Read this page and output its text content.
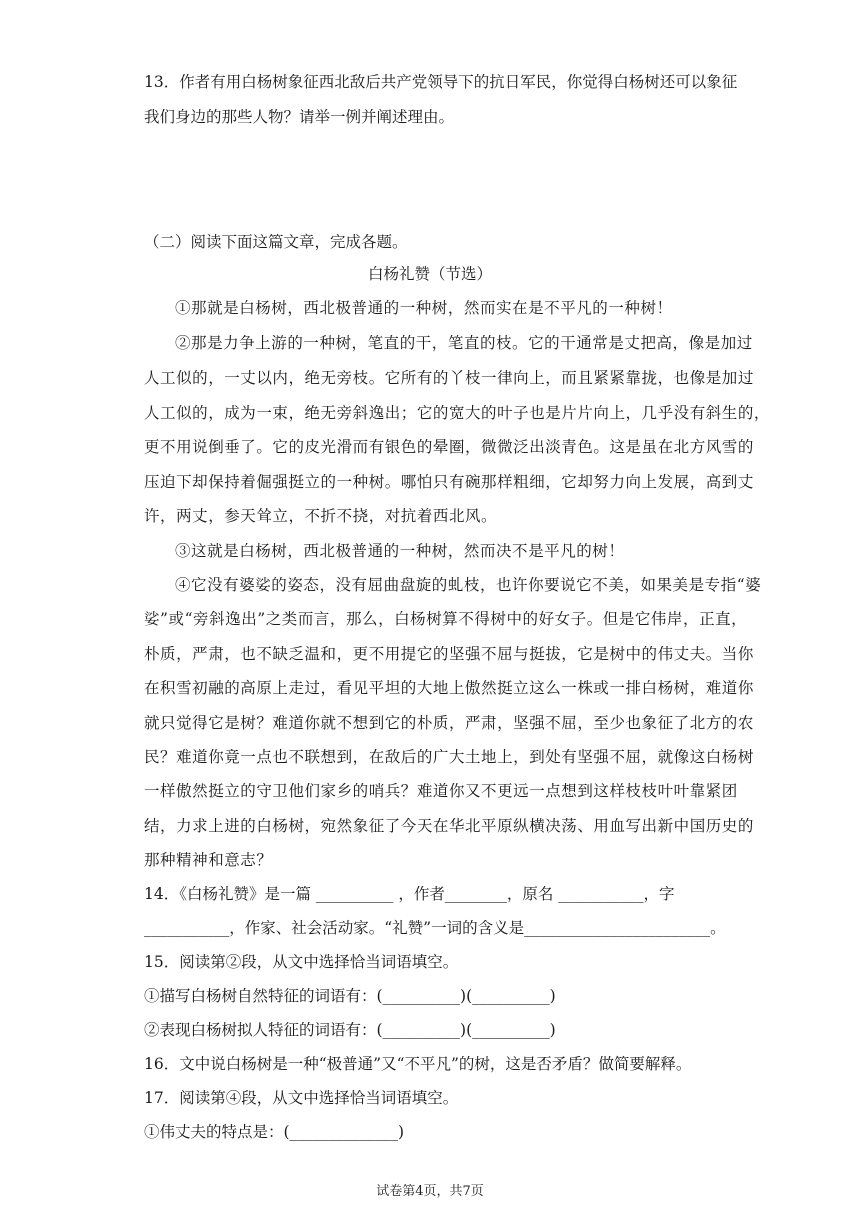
13．作者有用白杨树象征西北敌后共产党领导下的抗日军民，你觉得白杨树还可以象征
我们身边的那些人物？请举一例并阐述理由。
（二）阅读下面这篇文章，完成各题。
白杨礼赞（节选）
①那就是白杨树，西北极普通的一种树，然而实在是不平凡的一种树！
②那是力争上游的一种树，笔直的干，笔直的枝。它的干通常是丈把高，像是加过
人工似的，一丈以内，绝无旁枝。它所有的丫枝一律向上，而且紧紧靠拢，也像是加过
人工似的，成为一束，绝无旁斜逸出；它的宽大的叶子也是片片向上，几乎没有斜生的，
更不用说倒垂了。它的皮光滑而有银色的晕圈，微微泛出淡青色。这是虽在北方风雪的
压迫下却保持着倔强挺立的一种树。哪怕只有碗那样粗细，它却努力向上发展，高到丈
许，两丈，参天耸立，不折不挠，对抗着西北风。
③这就是白杨树，西北极普通的一种树，然而决不是平凡的树！
④它没有婆娑的姿态，没有屈曲盘旋的虬枝，也许你要说它不美，如果美是专指“婆
娑”或“旁斜逸出”之类而言，那么，白杨树算不得树中的好女子。但是它伟岸，正直，
朴质，严肃，也不缺乏温和，更不用提它的坚强不屈与挺拔，它是树中的伟丈夫。当你
在积雪初融的高原上走过，看见平坦的大地上傲然挺立这么一株或一排白杨树，难道你
就只觉得它是树？难道你就不想到它的朴质，严肃，坚强不屈，至少也象征了北方的农
民？难道你竟一点也不联想到，在敌后的广大土地上，到处有坚强不屈，就像这白杨树
一样傲然挺立的守卫他们家乡的哨兵？难道你又不更远一点想到这样枝枝叶叶靠紧团
结，力求上进的白杨树，宛然象征了今天在华北平原纵横决荡、用血写出新中国历史的
那种精神和意志？
14．《白杨礼赞》是一篇 __________ ，作者________，原名 ___________，字
___________，作家、社会活动家。“礼赞”一词的含义是________________________。
15．阅读第②段，从文中选择恰当词语填空。
①描写白杨树自然特征的词语有：(__________)(__________)
②表现白杨树拟人特征的词语有：(__________)(__________)
16．文中说白杨树是一种“极普通”又“不平凡”的树，这是否矛盾？做简要解释。
17．阅读第④段，从文中选择恰当词语填空。
①伟丈夫的特点是：(______________)
试卷第4页，共7页
